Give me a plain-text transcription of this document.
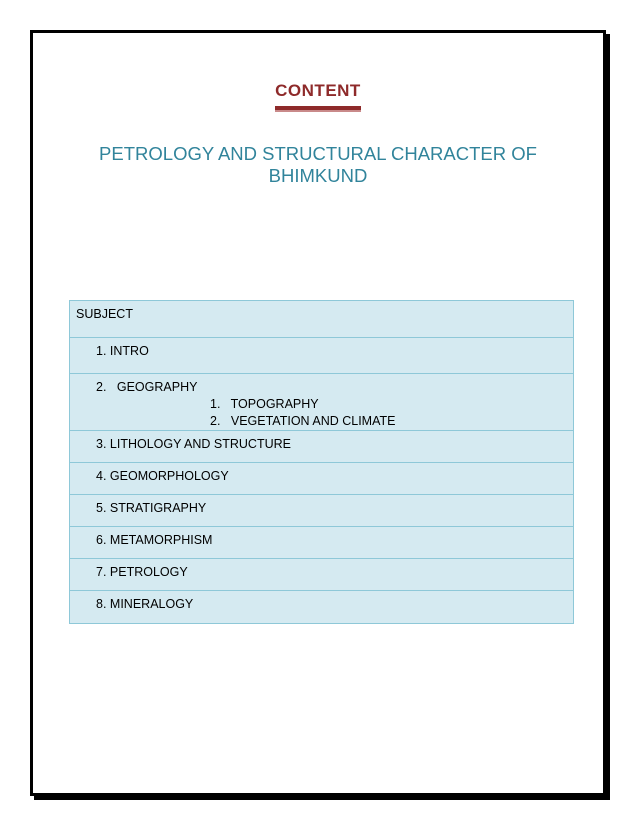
CONTENT
PETROLOGY AND STRUCTURAL CHARACTER OF BHIMKUND
SUBJECT

1. INTRO

2. GEOGRAPHY
1. TOPOGRAPHY
2. VEGETATION AND CLIMATE

3. LITHOLOGY AND STRUCTURE

4. GEOMORPHOLOGY

5. STRATIGRAPHY

6. METAMORPHISM

7. PETROLOGY

8. MINERALOGY
